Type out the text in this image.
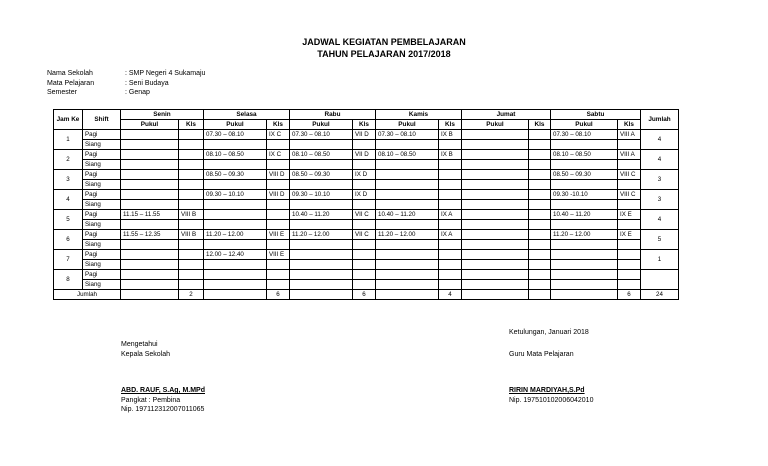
JADWAL KEGIATAN PEMBELAJARAN
TAHUN PELAJARAN 2017/2018
Nama Sekolah	: SMP Negeri 4 Sukamaju
Mata Pelajaran	: Seni Budaya
Semester	: Genap
Jam Ke	Shift	Senin		Selasa		Rabu		Kamis		Jumat		Sabtu		Jumlah
		Pukul	Kls	Pukul	Kls	Pukul	Kls	Pukul	Kls	Pukul	Kls	Pukul	Kls	
1	Pagi			07.30 – 08.10	IX C	07.30 – 08.10	VII D	07.30 – 08.10	IX B			07.30 – 08.10	VIII A	4
	Siang													
2	Pagi			08.10 – 08.50	IX C	08.10 – 08.50	VII D	08.10 – 08.50	IX B			08.10 – 08.50	VIII A	4
	Siang													
3	Pagi			08.50 – 09.30	VIII D	08.50 – 09.30	IX D					08.50 – 09.30	VIII C	3
	Siang													
4	Pagi			09.30 – 10.10	VIII D	09.30 – 10.10	IX D					09.30 -10.10	VIII C	3
	Siang													
5	Pagi	11.15 – 11.55	VIII B			10.40 – 11.20	VII C	10.40 – 11.20	IX A			10.40 – 11.20	IX E	4
	Siang													
6	Pagi	11.55 – 12.35	VIII B	11.20 – 12.00	VIII E	11.20 – 12.00	VII C	11.20 – 12.00	IX A			11.20 – 12.00	IX E	5
	Siang													
7	Pagi			12.00 – 12.40	VIII E									1
	Siang													
8	Pagi													
	Siang													
Jumlah			2		6		6		4				6	24
Ketulungan, Januari 2018
Mengetahui
Kepala Sekolah	Guru Mata Pelajaran
ABD. RAUF, S.Ag, M.MPd
Pangkat : Pembina
Nip. 197112312007011065
RIRIN MARDIYAH,S.Pd
Nip. 197510102006042010
